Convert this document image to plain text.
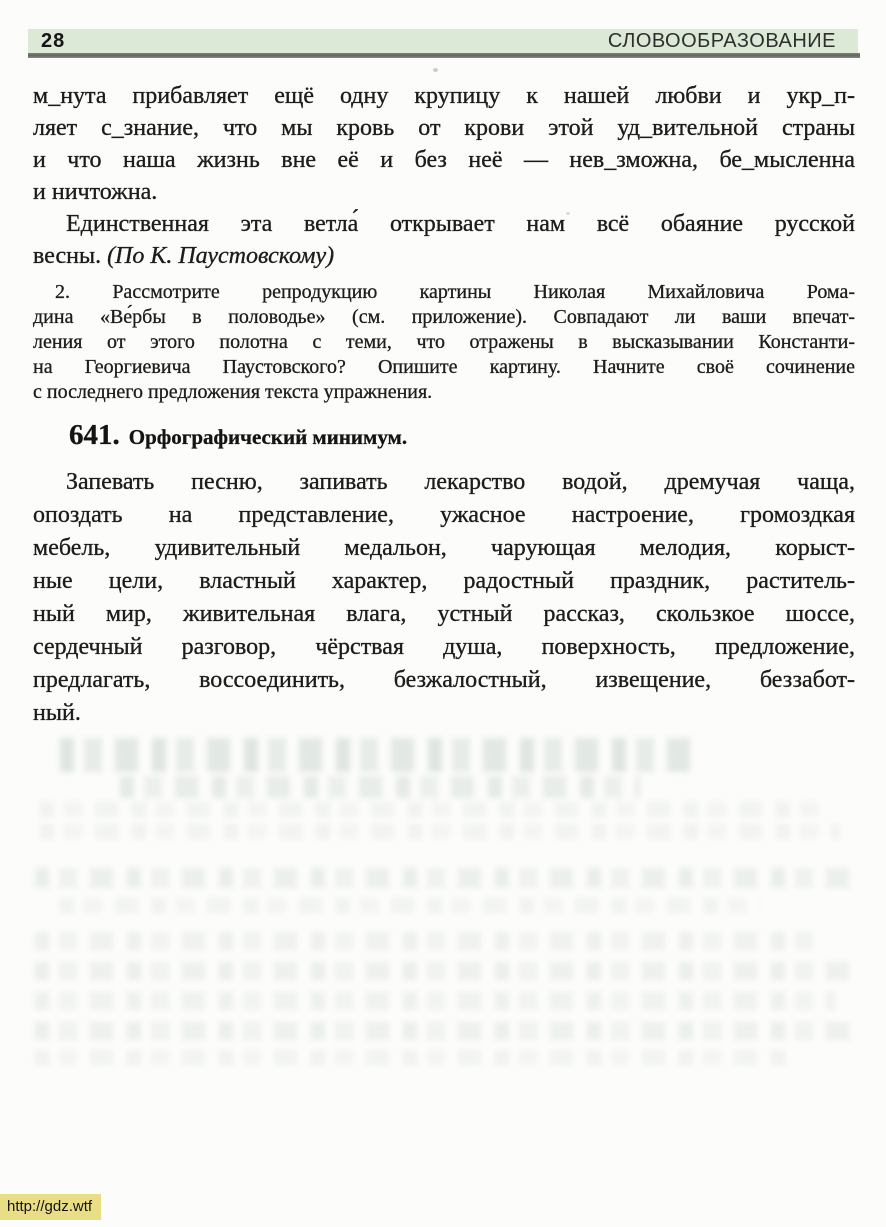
28	СЛОВООБРАЗОВАНИЕ
м_нута прибавляет ещё одну крупицу к нашей любви и укр_п-
ляет с_знание, что мы кровь от крови этой уд_вительной страны
и что наша жизнь вне её и без неё — нев_зможна, бе_мысленна
и ничтожна.
Единственная эта ветла́ открывает нам всё обаяние русской
весны. (По К. Паустовскому)
2. Рассмотрите репродукцию картины Николая Михайловича Рома-
дина «Ве́рбы в половодье» (см. приложение). Совпадают ли ваши впечат-
ления от этого полотна с теми, что отражены в высказывании Константи-
на Георгиевича Паустовского? Опишите картину. Начните своё сочинение
с последнего предложения текста упражнения.
641. Орфографический минимум.
Запевать песню, запивать лекарство водой, дремучая чаща,
опоздать на представление, ужасное настроение, громоздкая
мебель, удивительный медальон, чарующая мелодия, корыст-
ные цели, властный характер, радостный праздник, раститель-
ный мир, живительная влага, устный рассказ, скользкое шоссе,
сердечный разговор, чёрствая душа, поверхность, предложение,
предлагать, воссоединить, безжалостный, извещение, беззабот-
ный.
http://gdz.wtf
